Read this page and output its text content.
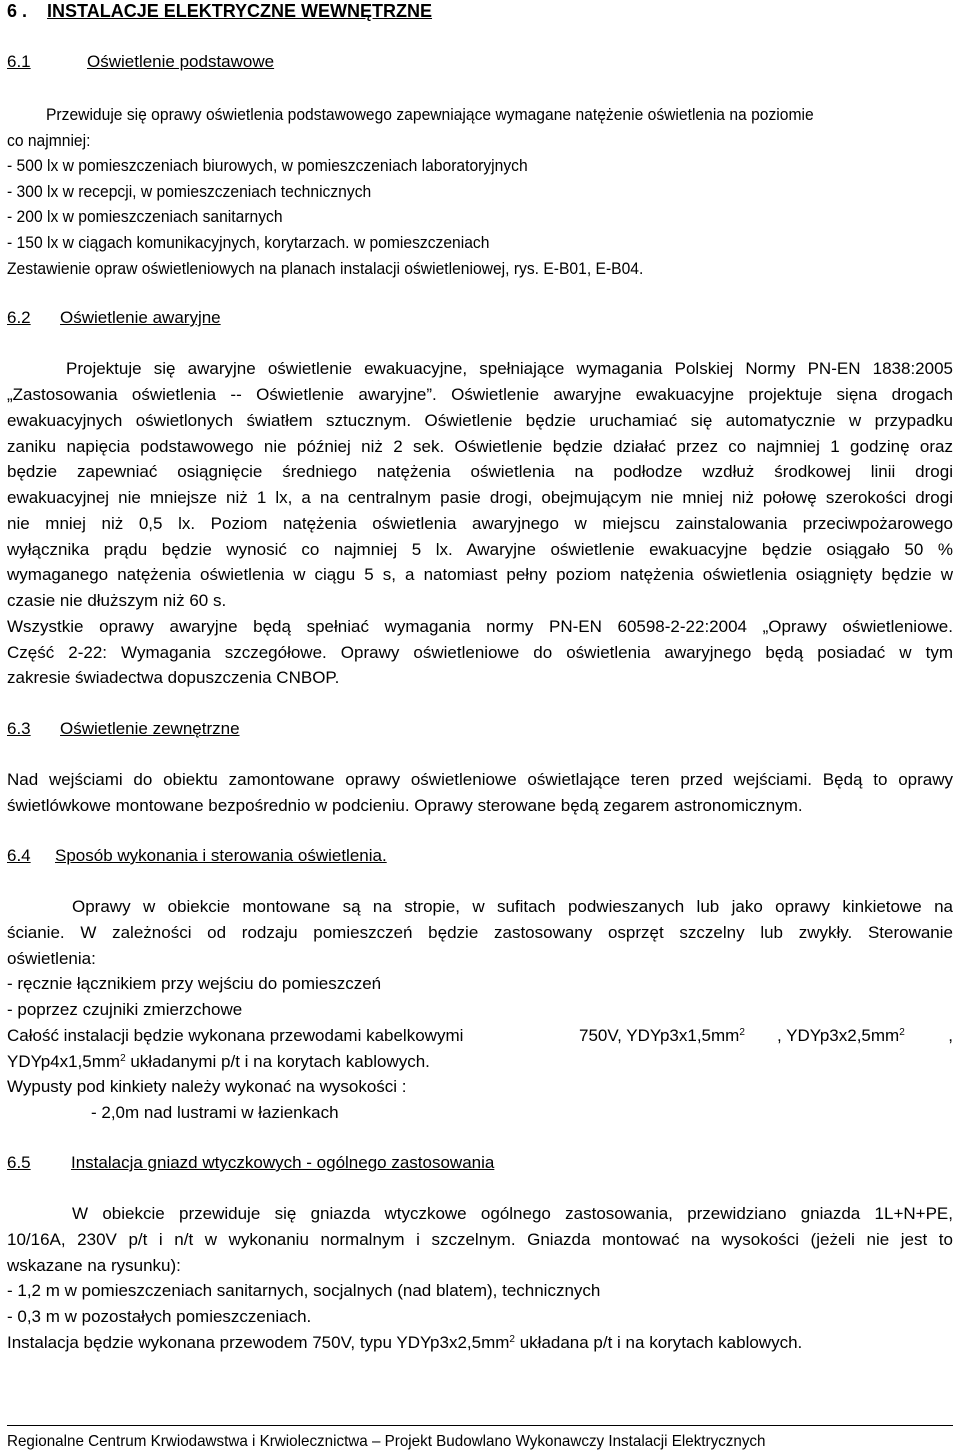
6 . INSTALACJE ELEKTRYCZNE WEWNĘTRZNE
6.1	Oświetlenie podstawowe
Przewiduje się oprawy oświetlenia podstawowego zapewniające wymagane natężenie oświetlenia na poziomie
co najmniej:
- 500 lx w pomieszczeniach biurowych, w pomieszczeniach laboratoryjnych
- 300 lx w recepcji, w pomieszczeniach technicznych
- 200 lx w pomieszczeniach sanitarnych
- 150 lx w ciągach komunikacyjnych, korytarzach. w pomieszczeniach
Zestawienie opraw oświetleniowych na planach instalacji oświetleniowej, rys. E-B01, E-B04.
6.2 Oświetlenie awaryjne
Projektuje się awaryjne oświetlenie ewakuacyjne, spełniające wymagania Polskiej Normy PN-EN 1838:2005
„Zastosowania oświetlenia -- Oświetlenie awaryjne”. Oświetlenie awaryjne ewakuacyjne projektuje sięna drogach
ewakuacyjnych oświetlonych światłem sztucznym. Oświetlenie będzie uruchamiać się automatycznie w przypadku
zaniku napięcia podstawowego nie później niż 2 sek. Oświetlenie będzie działać przez co najmniej 1 godzinę oraz
będzie zapewniać osiągnięcie średniego natężenia oświetlenia na podłodze wzdłuż środkowej linii drogi
ewakuacyjnej nie mniejsze niż 1 lx, a na centralnym pasie drogi, obejmującym nie mniej niż połowę szerokości drogi
nie mniej niż 0,5 lx. Poziom natężenia oświetlenia awaryjnego w miejscu zainstalowania przeciwpożarowego
wyłącznika prądu będzie wynosić co najmniej 5 lx. Awaryjne oświetlenie ewakuacyjne będzie osiągało 50 %
wymaganego natężenia oświetlenia w ciągu 5 s, a natomiast pełny poziom natężenia oświetlenia osiągnięty będzie w
czasie nie dłuższym niż 60 s.
Wszystkie oprawy awaryjne będą spełniać wymagania normy PN-EN 60598-2-22:2004 „Oprawy oświetleniowe.
Część 2-22: Wymagania szczegółowe. Oprawy oświetleniowe do oświetlenia awaryjnego będą posiadać w tym
zakresie świadectwa dopuszczenia CNBOP.
6.3 Oświetlenie zewnętrzne
Nad wejściami do obiektu zamontowane oprawy oświetleniowe oświetlające teren przed wejściami. Będą to oprawy
świetlówkowe montowane bezpośrednio w podcieniu. Oprawy sterowane będą zegarem astronomicznym.
6.4 Sposób wykonania i sterowania oświetlenia.
Oprawy w obiekcie montowane są na stropie, w sufitach podwieszanych lub jako oprawy kinkietowe na
ścianie. W zależności od rodzaju pomieszczeń będzie zastosowany osprzęt szczelny lub zwykły. Sterowanie
oświetlenia:
- ręcznie łącznikiem przy wejściu do pomieszczeń
- poprzez czujniki zmierzchowe
Całość instalacji będzie wykonana przewodami kabelkowymi	750V, $YDYp3x1,5mm^2$ , $YDYp3x2,5mm^2$	,
$YDYp4x1,5mm^2$ układanymi p/t i na korytach kablowych.
Wypusty pod kinkiety należy wykonać na wysokości :
- 2,0m nad lustrami w łazienkach
6.5 Instalacja gniazd wtyczkowych - ogólnego zastosowania
W obiekcie przewiduje się gniazda wtyczkowe ogólnego zastosowania, przewidziano gniazda 1L+N+PE,
10/16A, 230V p/t i n/t w wykonaniu normalnym i szczelnym. Gniazda montować na wysokości (jeżeli nie jest to
wskazane na rysunku):
- 1,2 m w pomieszczeniach sanitarnych, socjalnych (nad blatem), technicznych
- 0,3 m w pozostałych pomieszczeniach.
Instalacja będzie wykonana przewodem 750V, typu $YDYp3x2,5mm^2$ układana p/t i na korytach kablowych.
Regionalne Centrum Krwiodawstwa i Krwiolecznictwa – Projekt Budowlano Wykonawczy Instalacji Elektrycznych
